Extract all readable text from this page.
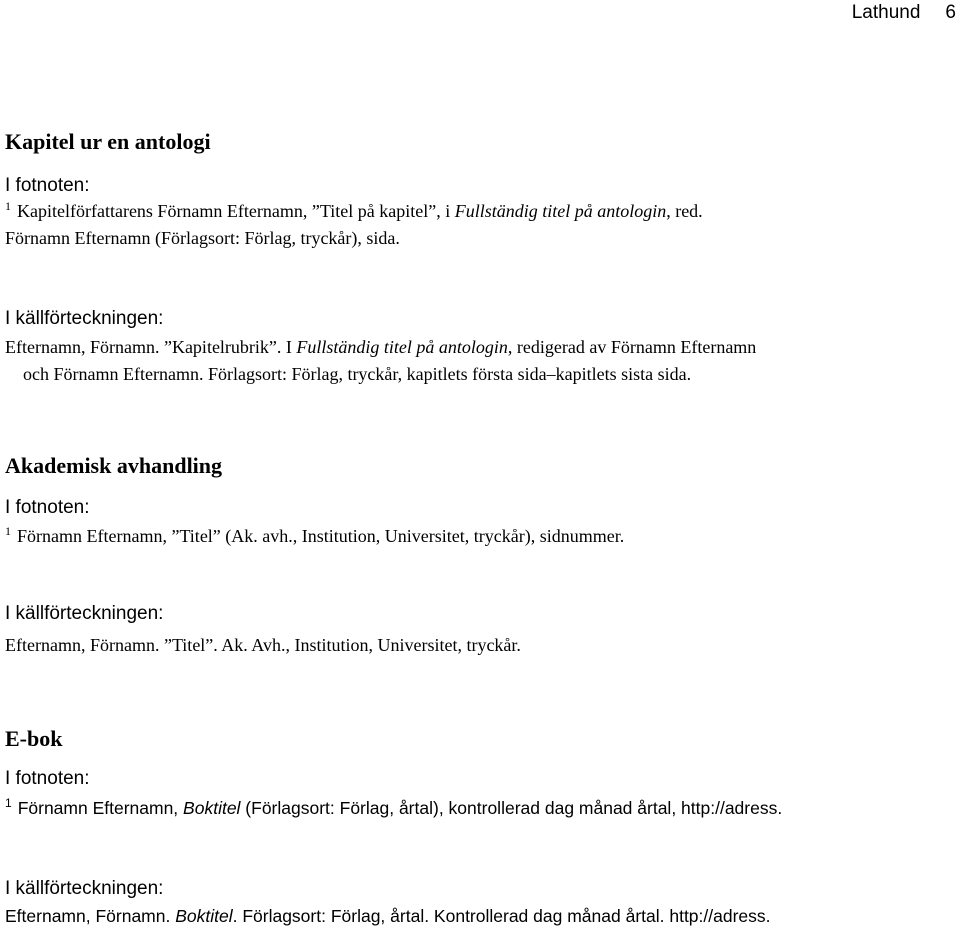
Lathund 6
Kapitel ur en antologi
I fotnoten:
$^1$ Kapitelförfattarens Förnamn Efternamn, ”Titel på kapitel”, i Fullständig titel på antologin, red.
Förnamn Efternamn (Förlagsort: Förlag, tryckår), sida.
I källförteckningen:
Efternamn, Förnamn. ”Kapitelrubrik”. I Fullständig titel på antologin, redigerad av Förnamn Efternamn
och Förnamn Efternamn. Förlagsort: Förlag, tryckår, kapitlets första sida–kapitlets sista sida.
Akademisk avhandling
I fotnoten:
$^1$ Förnamn Efternamn, ”Titel” (Ak. avh., Institution, Universitet, tryckår), sidnummer.
I källförteckningen:
Efternamn, Förnamn. ”Titel”. Ak. Avh., Institution, Universitet, tryckår.
E-bok
I fotnoten:
$^1$ Förnamn Efternamn, Boktitel (Förlagsort: Förlag, årtal), kontrollerad dag månad årtal, http://adress.
I källförteckningen:
Efternamn, Förnamn. Boktitel. Förlagsort: Förlag, årtal. Kontrollerad dag månad årtal. http://adress.
